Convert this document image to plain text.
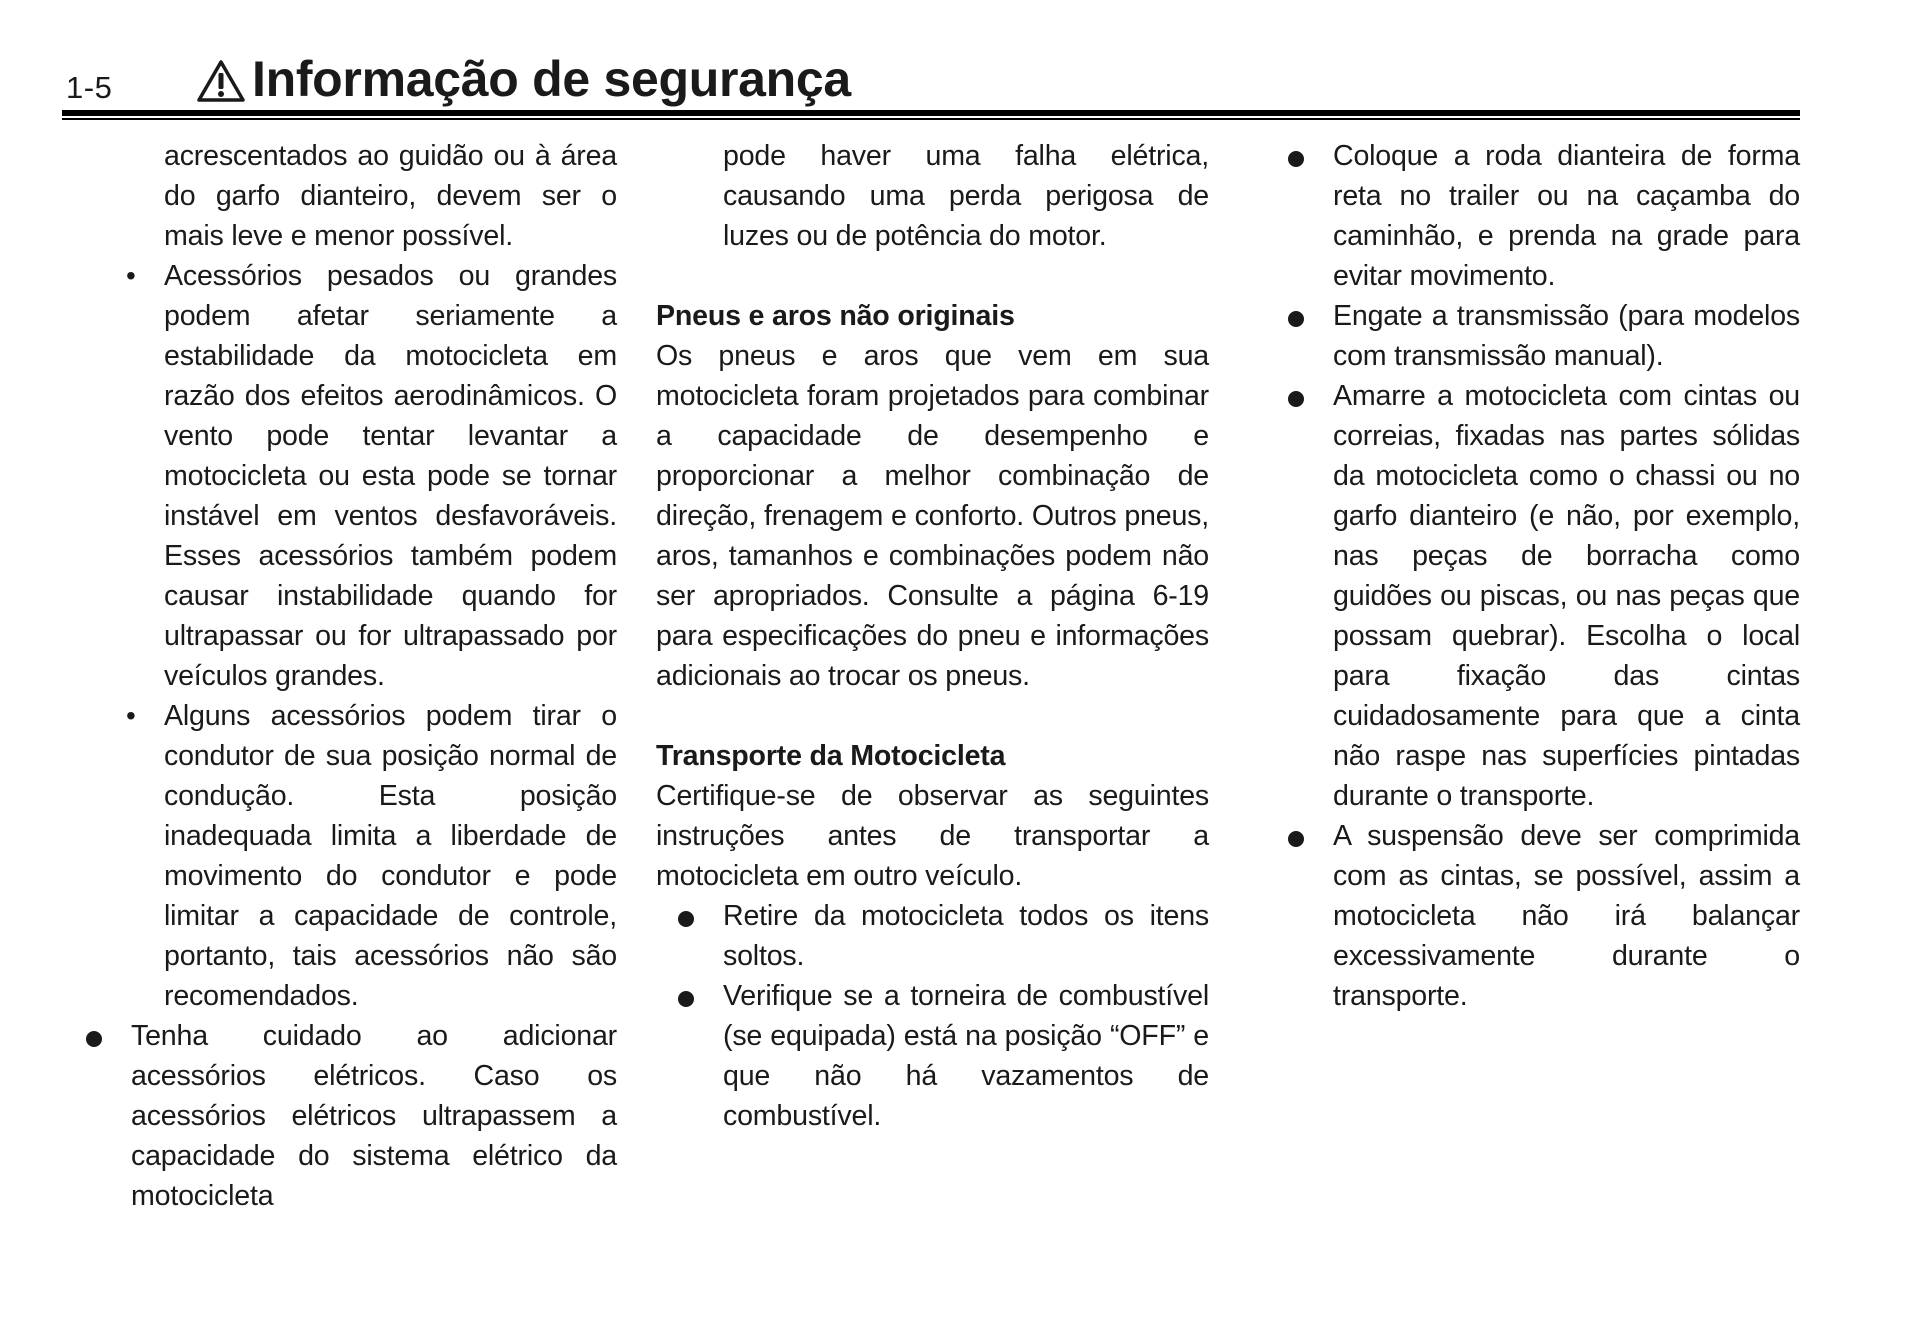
1-5	Informação de segurança

acrescentados ao guidão ou à área do garfo dianteiro, devem ser o mais leve e menor possível.

• Acessórios pesados ou grandes podem afetar seriamente a estabilidade da motocicleta em razão dos efeitos aerodinâmicos. O vento pode tentar levantar a motocicleta ou esta pode se tornar instável em ventos desfavoráveis. Esses acessórios também podem causar instabilidade quando for ultrapassar ou for ultrapassado por veículos grandes.

• Alguns acessórios podem tirar o condutor de sua posição normal de condução. Esta posição inadequada limita a liberdade de movimento do condutor e pode limitar a capacidade de controle, portanto, tais acessórios não são recomendados.

Tenha cuidado ao adicionar acessórios elétricos. Caso os acessórios elétricos ultrapassem a capacidade do sistema elétrico da motocicleta

pode haver uma falha elétrica, causando uma perda perigosa de luzes ou de potência do motor.

Pneus e aros não originais

Os pneus e aros que vem em sua motocicleta foram projetados para combinar a capacidade de desempenho e proporcionar a melhor combinação de direção, frenagem e conforto. Outros pneus, aros, tamanhos e combinações podem não ser apropriados. Consulte a página 6-19 para especificações do pneu e informações adicionais ao trocar os pneus.

Transporte da Motocicleta

Certifique-se de observar as seguintes instruções antes de transportar a motocicleta em outro veículo.

Retire da motocicleta todos os itens soltos.

Verifique se a torneira de combustível (se equipada) está na posição “OFF” e que não há vazamentos de combustível.

Coloque a roda dianteira de forma reta no trailer ou na caçamba do caminhão, e prenda na grade para evitar movimento.

Engate a transmissão (para modelos com transmissão manual).

Amarre a motocicleta com cintas ou correias, fixadas nas partes sólidas da motocicleta como o chassi ou no garfo dianteiro (e não, por exemplo, nas peças de borracha como guidões ou piscas, ou nas peças que possam quebrar). Escolha o local para fixação das cintas cuidadosamente para que a cinta não raspe nas superfícies pintadas durante o transporte.

A suspensão deve ser comprimida com as cintas, se possível, assim a motocicleta não irá balançar excessivamente durante o transporte.
